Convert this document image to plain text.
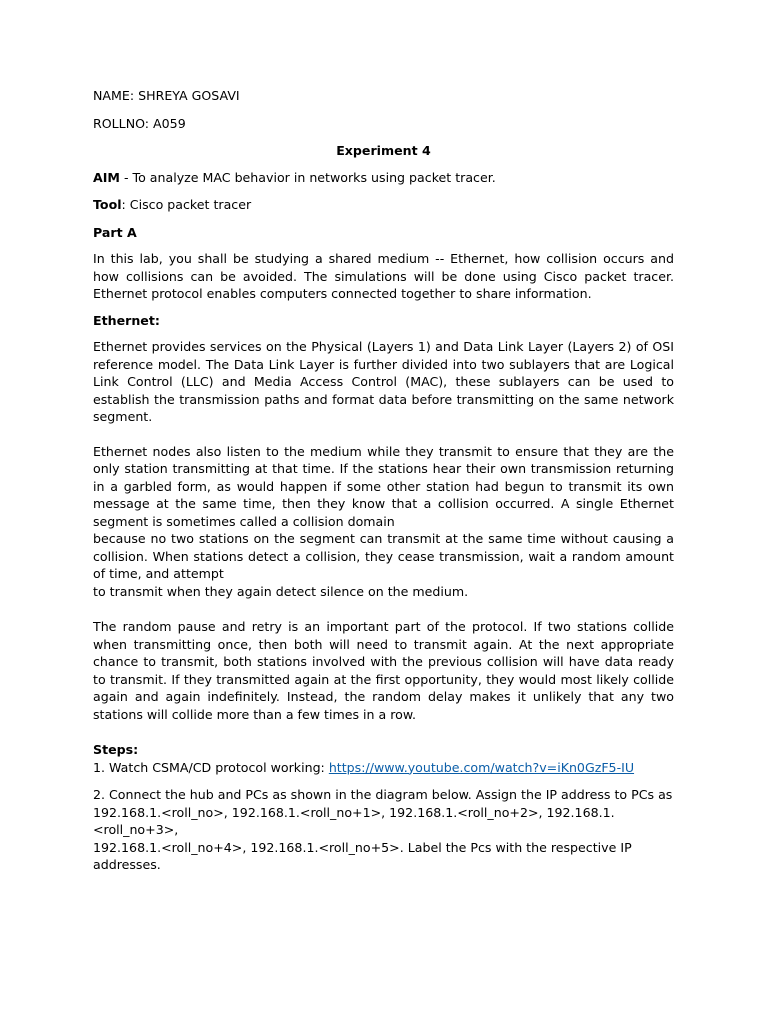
NAME: SHREYA GOSAVI

ROLLNO: A059

Experiment 4

AIM - To analyze MAC behavior in networks using packet tracer.

Tool: Cisco packet tracer

Part A

In this lab, you shall be studying a shared medium -- Ethernet, how collision occurs and how collisions can be avoided. The simulations will be done using Cisco packet tracer. Ethernet protocol enables computers connected together to share information.

Ethernet:

Ethernet provides services on the Physical (Layers 1) and Data Link Layer (Layers 2) of OSI reference model. The Data Link Layer is further divided into two sublayers that are Logical Link Control (LLC) and Media Access Control (MAC), these sublayers can be used to establish the transmission paths and format data before transmitting on the same network segment.

Ethernet nodes also listen to the medium while they transmit to ensure that they are the only station transmitting at that time. If the stations hear their own transmission returning in a garbled form, as would happen if some other station had begun to transmit its own message at the same time, then they know that a collision occurred. A single Ethernet segment is sometimes called a collision domain

because no two stations on the segment can transmit at the same time without causing a collision. When stations detect a collision, they cease transmission, wait a random amount of time, and attempt

to transmit when they again detect silence on the medium.

The random pause and retry is an important part of the protocol. If two stations collide when transmitting once, then both will need to transmit again. At the next appropriate chance to transmit, both stations involved with the previous collision will have data ready to transmit. If they transmitted again at the first opportunity, they would most likely collide again and again indefinitely. Instead, the random delay makes it unlikely that any two stations will collide more than a few times in a row.

Steps:

1. Watch CSMA/CD protocol working: https://www.youtube.com/watch?v=iKn0GzF5-IU

2. Connect the hub and PCs as shown in the diagram below. Assign the IP address to PCs as

192.168.1.<roll_no>, 192.168.1.<roll_no+1>, 192.168.1.<roll_no+2>, 192.168.1.<roll_no+3>,

192.168.1.<roll_no+4>, 192.168.1.<roll_no+5>. Label the Pcs with the respective IP addresses.
